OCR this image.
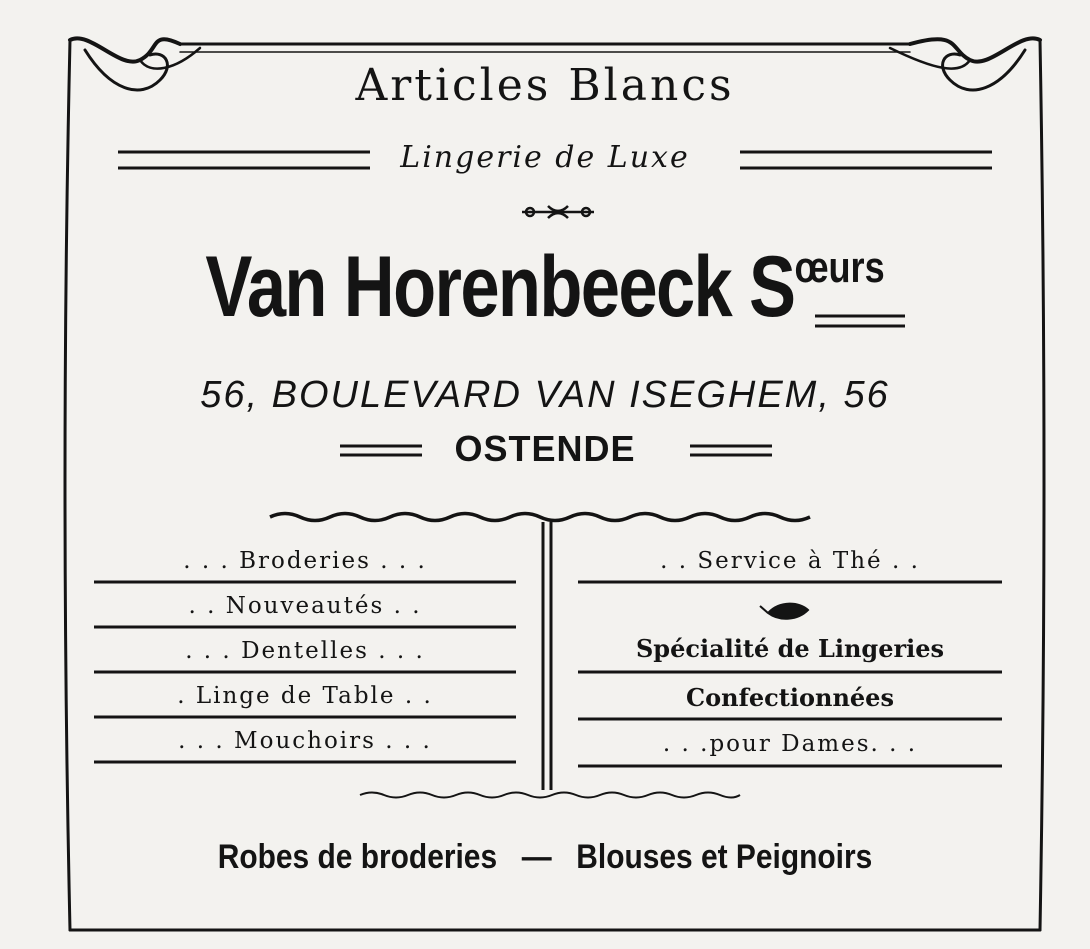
Articles Blancs
Lingerie de Luxe
Van Horenbeeck $S^{œurs}$
56, BOULEVARD VAN ISEGHEM, 56
OSTENDE
. . . Broderies . . .
. . Nouveautés . .
. . . Dentelles . . .
. Linge de Table . .
. . . Mouchoirs . . .
. . Service à Thé . .
Spécialité de Lingeries
Confectionnées
. . .pour Dames. . .
Robes de broderies — Blouses et Peignoirs
